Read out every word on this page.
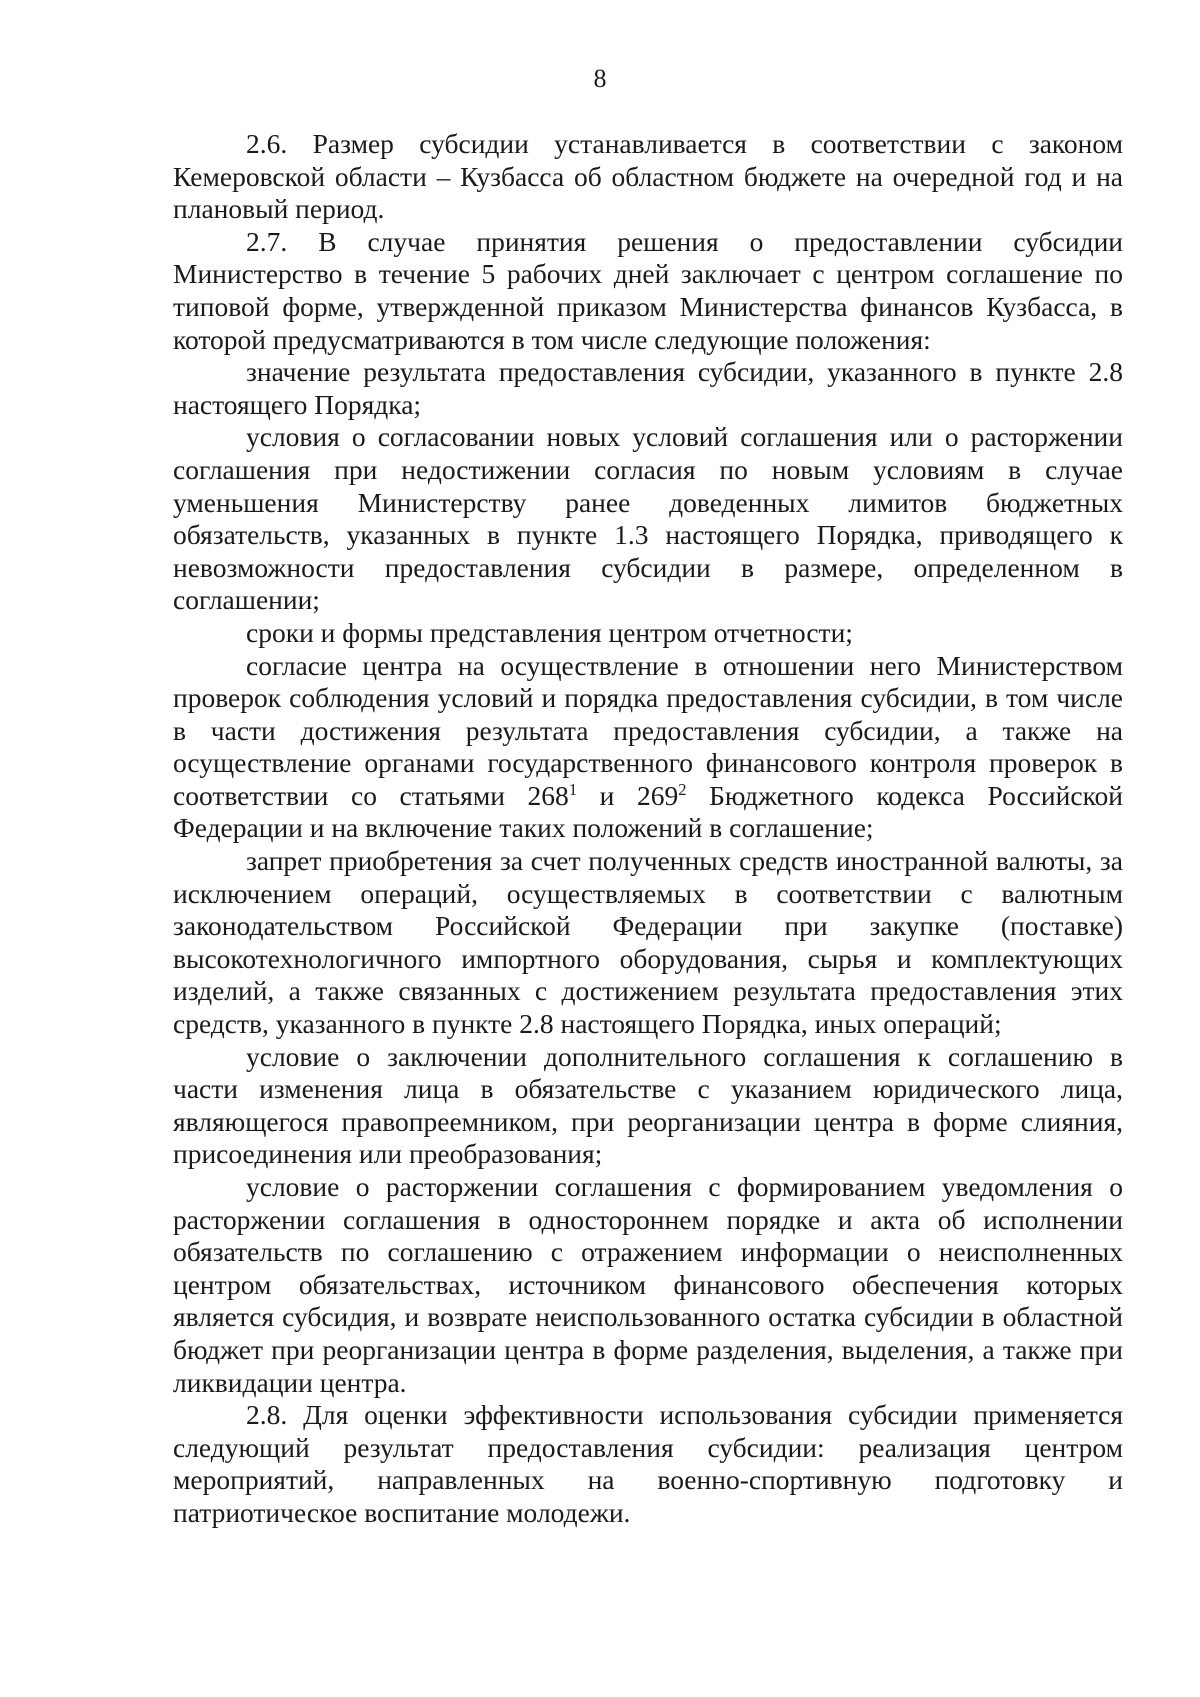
8

2.6. Размер субсидии устанавливается в соответствии с законом Кемеровской области – Кузбасса об областном бюджете на очередной год и на плановый период.

2.7. В случае принятия решения о предоставлении субсидии Министерство в течение 5 рабочих дней заключает с центром соглашение по типовой форме, утвержденной приказом Министерства финансов Кузбасса, в которой предусматриваются в том числе следующие положения:

значение результата предоставления субсидии, указанного в пункте 2.8 настоящего Порядка;

условия о согласовании новых условий соглашения или о расторжении соглашения при недостижении согласия по новым условиям в случае уменьшения Министерству ранее доведенных лимитов бюджетных обязательств, указанных в пункте 1.3 настоящего Порядка, приводящего к невозможности предоставления субсидии в размере, определенном в соглашении;

сроки и формы представления центром отчетности;

согласие центра на осуществление в отношении него Министерством проверок соблюдения условий и порядка предоставления субсидии, в том числе в части достижения результата предоставления субсидии, а также на осуществление органами государственного финансового контроля проверок в соответствии со статьями $268^1$ и $269^2$ Бюджетного кодекса Российской Федерации и на включение таких положений в соглашение;

запрет приобретения за счет полученных средств иностранной валюты, за исключением операций, осуществляемых в соответствии с валютным законодательством Российской Федерации при закупке (поставке) высокотехнологичного импортного оборудования, сырья и комплектующих изделий, а также связанных с достижением результата предоставления этих средств, указанного в пункте 2.8 настоящего Порядка, иных операций;

условие о заключении дополнительного соглашения к соглашению в части изменения лица в обязательстве с указанием юридического лица, являющегося правопреемником, при реорганизации центра в форме слияния, присоединения или преобразования;

условие о расторжении соглашения с формированием уведомления о расторжении соглашения в одностороннем порядке и акта об исполнении обязательств по соглашению с отражением информации о неисполненных центром обязательствах, источником финансового обеспечения которых является субсидия, и возврате неиспользованного остатка субсидии в областной бюджет при реорганизации центра в форме разделения, выделения, а также при ликвидации центра.

2.8. Для оценки эффективности использования субсидии применяется следующий результат предоставления субсидии: реализация центром мероприятий, направленных на военно-спортивную подготовку и патриотическое воспитание молодежи.
